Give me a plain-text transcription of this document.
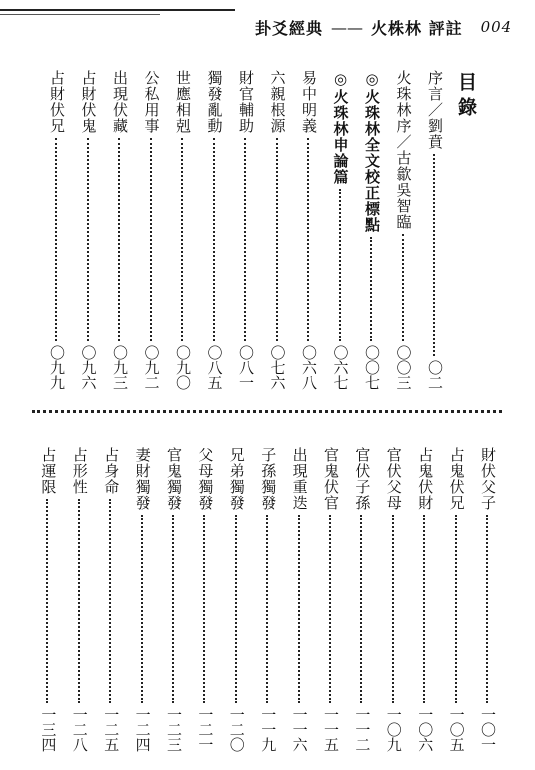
卦爻經典 —— 火株林 評註 004
目錄
序言／劉賁
〇二
火珠林序／古歙吳智臨
〇〇三
◎火珠林全文校正標點
〇〇七
◎火珠林申論篇
〇六七
易中明義
〇六八
六親根源
〇七六
財官輔助
〇八一
獨發亂動
〇八五
世應相剋
〇九〇
公私用事
〇九二
出現伏藏
〇九三
占財伏鬼
〇九六
占財伏兄
〇九九
財伏父子
一〇一
占鬼伏兄
一〇五
占鬼伏財
一〇六
官伏父母
一〇九
官伏子孫
一一二
官鬼伏官
一一五
出現重迭
一一六
子孫獨發
一一九
兄弟獨發
一二〇
父母獨發
一二一
官鬼獨發
一二三
妻財獨發
一二四
占身命
一二五
占形性
一二八
占運限
一三四
